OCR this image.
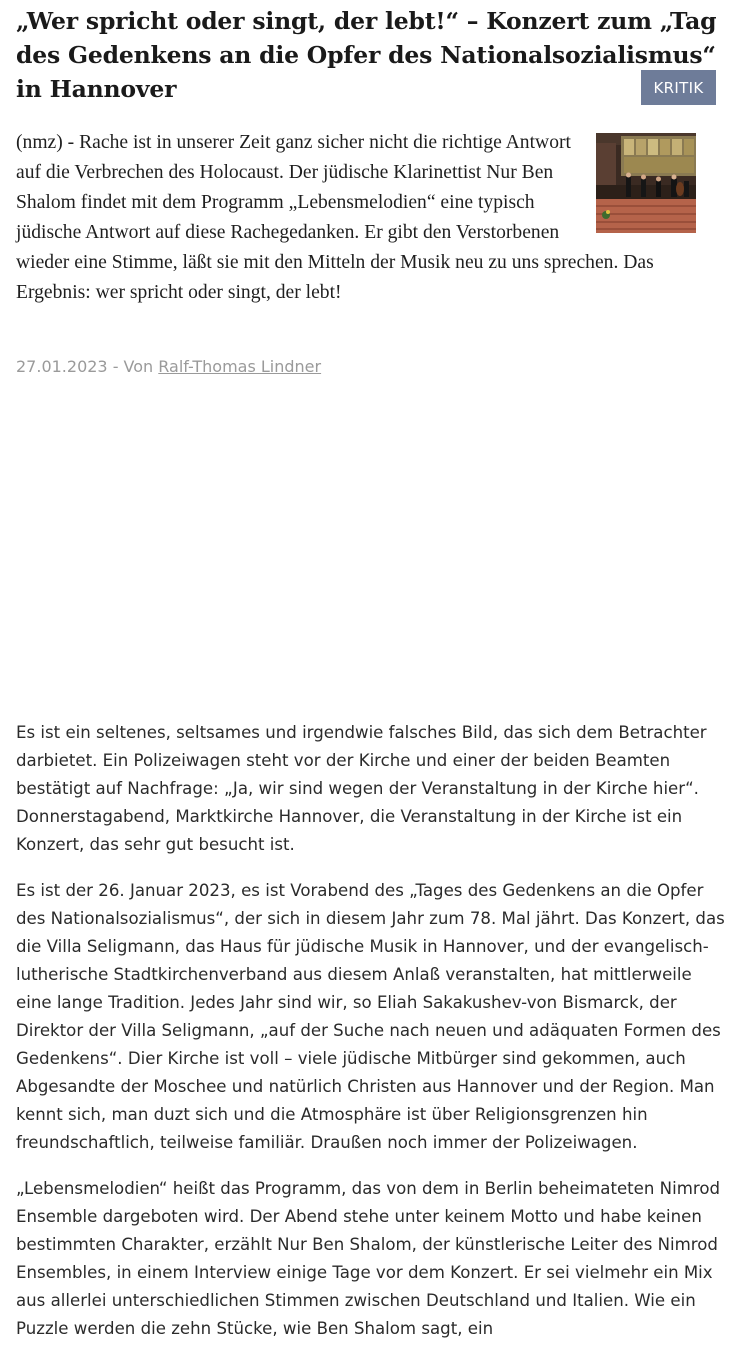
„Wer spricht oder singt, der lebt!“ – Konzert zum „Tag des Gedenkens an die Opfer des Nationalsozialismus“ in Hannover	KRITIK

(nmz) - Rache ist in unserer Zeit ganz sicher nicht die richtige Antwort auf die Verbrechen des Holocaust. Der jüdische Klarinettist Nur Ben Shalom findet mit dem Programm „Lebensmelodien“ eine typisch jüdische Antwort auf diese Rachegedanken. Er gibt den Verstorbenen wieder eine Stimme, läßt sie mit den Mitteln der Musik neu zu uns sprechen. Das Ergebnis: wer spricht oder singt, der lebt!

27.01.2023 - Von Ralf-Thomas Lindner

Es ist ein seltenes, seltsames und irgendwie falsches Bild, das sich dem Betrachter darbietet. Ein Polizeiwagen steht vor der Kirche und einer der beiden Beamten bestätigt auf Nachfrage: „Ja, wir sind wegen der Veranstaltung in der Kirche hier“. Donnerstagabend, Marktkirche Hannover, die Veranstaltung in der Kirche ist ein Konzert, das sehr gut besucht ist.

Es ist der 26. Januar 2023, es ist Vorabend des „Tages des Gedenkens an die Opfer des Nationalsozialismus“, der sich in diesem Jahr zum 78. Mal jährt. Das Konzert, das die Villa Seligmann, das Haus für jüdische Musik in Hannover, und der evangelisch-lutherische Stadtkirchenverband aus diesem Anlaß veranstalten, hat mittlerweile eine lange Tradition. Jedes Jahr sind wir, so Eliah Sakakushev-von Bismarck, der Direktor der Villa Seligmann, „auf der Suche nach neuen und adäquaten Formen des Gedenkens“. Dier Kirche ist voll – viele jüdische Mitbürger sind gekommen, auch Abgesandte der Moschee und natürlich Christen aus Hannover und der Region. Man kennt sich, man duzt sich und die Atmosphäre ist über Religionsgrenzen hin freundschaftlich, teilweise familiär. Draußen noch immer der Polizeiwagen.

„Lebensmelodien“ heißt das Programm, das von dem in Berlin beheimateten Nimrod Ensemble dargeboten wird. Der Abend stehe unter keinem Motto und habe keinen bestimmten Charakter, erzählt Nur Ben Shalom, der künstlerische Leiter des Nimrod Ensembles, in einem Interview einige Tage vor dem Konzert. Er sei vielmehr ein Mix aus allerlei unterschiedlichen Stimmen zwischen Deutschland und Italien. Wie ein Puzzle werden die zehn Stücke, wie Ben Shalom sagt, ein
